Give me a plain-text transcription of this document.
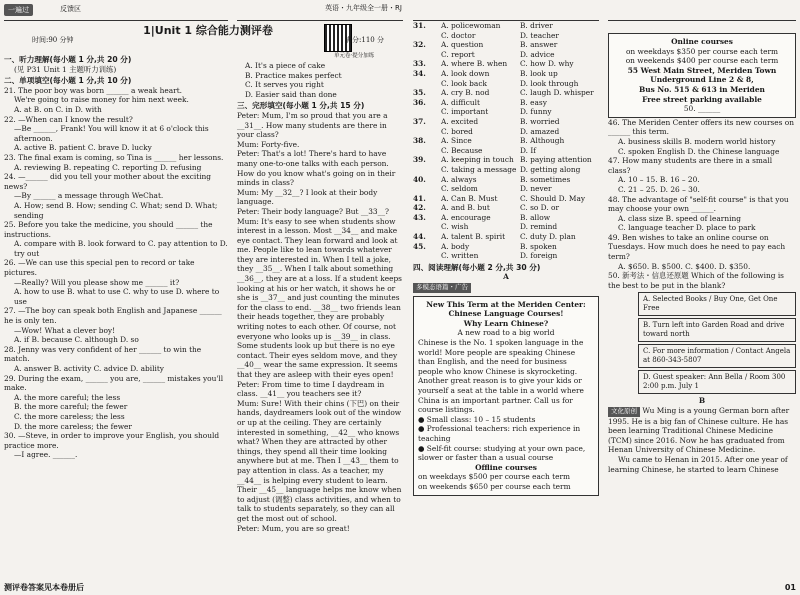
一遍过	反馈区
一、听力理解(每小题 1 分,共 20 分)
(见 P31 Unit 1 主题听力训练)
二、单项填空(每小题 1 分,共 10 分)
21. The poor boy was born ______ a weak heart.
We're going to raise money for him next week.
A. at B. on C. in D. with
22. —When can I know the result?
—Be ______, Frank! You will know it at 6 o'clock this afternoon.
A. active B. patient C. brave D. lucky
23. The final exam is coming, so Tina is ______ her lessons.
A. reviewing B. repeating C. reporting D. refusing
24. —______ did you tell your mother about the exciting news?
—By ______ a message through WeChat.
A. How; send B. How; sending C. What; send D. What; sending
25. Before you take the medicine, you should ______ the instructions.
A. compare with B. look forward to C. pay attention to D. try out
26. —We can use this special pen to record or take pictures.
—Really? Will you please show me ______ it?
A. how to use B. what to use C. why to use D. where to use
27. —The boy can speak both English and Japanese ______ he is only ten.
—Wow! What a clever boy!
A. if B. because C. although D. so
28. Jenny was very confident of her ______ to win the match.
A. answer B. activity C. advice D. ability
29. During the exam, ______ you are, ______ mistakes you'll make.
A. the more careful; the less
B. the more careful; the fewer
C. the more careless; the less
D. the more careless; the fewer
30. —Steve, in order to improve your English, you should practice more.
—I agree. ______.
测评卷答案见本卷册后
英语・九年级全一册・RJ
单元卷·提分加练
A. It's a piece of cake
B. Practice makes perfect
C. It serves you right
D. Easier said than done
三、完形填空(每小题 1 分,共 15 分)
Peter: Mum, I'm so proud that you are a __31__. How many students are there in your class?
Mum: Forty-five.
Peter: That's a lot! There's hard to have many one-to-one talks with each person. How do you know what's going on in their minds in class?
Mum: My __32__? I look at their body language.
Peter: Their body language? But __33__?
Mum: It's easy to see when students show interest in a lesson. Most __34__ and make eye contact. They lean forward and look at me. People like to lean towards whatever they are interested in. When I tell a joke, they __35__. When I talk about something __36__, they are at a loss. If a student keeps looking at his or her watch, it shows he or she is __37__ and just counting the minutes for the class to end. __38__ two friends lean their heads together, they are probably writing notes to each other. Of course, not everyone who looks up is __39__ in class. Some students look up but there is no eye contact. Their eyes seldom move, and they __40__ wear the same expression. It seems that they are asleep with their eyes open!
Peter: From time to time I daydream in class. __41__ you teachers see it?
Mum: Sure! With their chins (下巴) on their hands, daydreamers look out of the window or up at the ceiling. They are certainly interested in something, __42__ who knows what? When they are attracted by other things, they spend all their time looking anywhere but at me. Then I __43__ them to pay attention in class. As a teacher, my __44__ is helping every student to learn. Their __45__ language helps me know when to adjust (调整) class activities, and when to talk to students separately, so they can all get the most out of school.
Peter: Mum, you are so great!
1|Unit 1 综合能力测评卷
时间:90 分钟	满分:110 分
31.	A. policewoman	B. driver
C. doctor	D. teacher
32.	A. question	B. answer
C. report	D. advice
33.	A. where B. when	C. how D. why
34.	A. look down	B. look up
C. look back	D. look through
35.	A. cry B. nod	C. laugh D. whisper
36.	A. difficult	B. easy
C. important	D. funny
37.	A. excited	B. worried
C. bored	D. amazed
38.	A. Since	B. Although
C. Because	D. If
39.	A. keeping in touch B. paying attention
C. taking a message D. getting along
40.	A. always	B. sometimes
C. seldom	D. never
41.	A. Can B. Must	C. Should D. May
42.	A. and B. but	C. so D. or
43.	A. encourage	B. allow
C. wish	D. remind
44.	A. talent B. spirit	C. duty D. plan
45.	A. body	B. spoken
C. written	D. foreign
四、阅读理解(每小题 2 分,共 30 分)
A
多模态语篇・广告
New This Term at the Meriden Center:
Chinese Language Courses!
Why Learn Chinese?
A new road to a big world
Chinese is the No. 1 spoken language in the world! More people are speaking Chinese than English, and the need for business people who know Chinese is skyrocketing. Another great reason is to give your kids or yourself a seat at the table in a world where China is an important partner. Call us for course listings.
● Small class: 10 – 15 students
● Professional teachers: rich experience in teaching
● Self-fit course: studying at your own pace, slower or faster than a usual course
Offline courses
on weekdays $500 per course each term
on weekends $650 per course each term
Online courses
on weekdays $350 per course each term
on weekends $400 per course each term
55 West Main Street, Meriden Town
Underground Line 2 & 8,
Bus No. 515 & 613 in Meriden
Free street parking available
50. ______
46. The Meriden Center offers its new courses on ______ this term.
A. business skills B. modern world history
C. spoken English D. the Chinese language
47. How many students are there in a small class?
A. 10 – 15. B. 16 – 20.
C. 21 – 25. D. 26 – 30.
48. The advantage of "self-fit course" is that you may choose your own ______.
A. class size B. speed of learning
C. language teacher D. place to park
49. Ben wishes to take an online course on Tuesdays. How much does he need to pay each term?
A. $650. B. $500. C. $400. D. $350.
50. 新考法・信息还原题 Which of the following is the best to be put in the blank?
A. Selected Books / Buy One, Get One Free
B. Turn left into Garden Road and drive toward north
C. For more information / Contact Angela at 860-343-5807
D. Guest speaker: Ann Bella / Room 300 2:00 p.m. July 1
B
文化原创 Wu Ming is a young German born after 1995. He is a big fan of Chinese culture. He has been learning Traditional Chinese Medicine (TCM) since 2016. Now he has graduated from Henan University of Chinese Medicine.
Wu came to Henan in 2015. After one year of learning Chinese, he started to learn Chinese
01
